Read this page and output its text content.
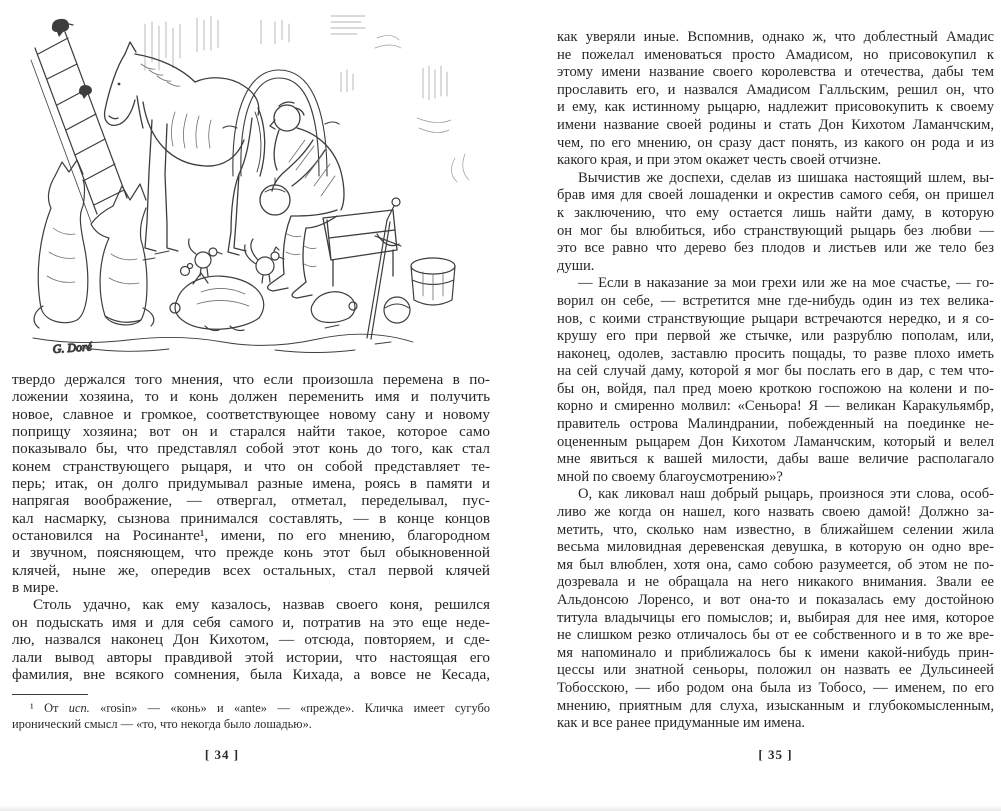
G. Doré
твердо держался того мнения, что если произошла перемена в по-
ложении хозяина, то и конь должен переменить имя и получить
новое, славное и громкое, соответствующее новому сану и новому
поприщу хозяина; вот он и старался найти такое, которое само
показывало бы, что представлял собой этот конь до того, как стал
конем странствующего рыцаря, и что он собой представляет те-
перь; итак, он долго придумывал разные имена, роясь в памяти и
напрягая воображение, — отвергал, отметал, переделывал, пус-
кал насмарку, сызнова принимался составлять, — в конце концов
остановился на Росинанте¹, имени, по его мнению, благородном
и звучном, поясняющем, что прежде конь этот был обыкновенной
клячей, ныне же, опередив всех остальных, стал первой клячей
в мире.
Столь удачно, как ему казалось, назвав своего коня, решился
он подыскать имя и для себя самого и, потратив на это еще неде-
лю, назвался наконец Дон Кихотом, — отсюда, повторяем, и сде-
лали вывод авторы правдивой этой истории, что настоящая его
фамилия, вне всякого сомнения, была Кихада, а вовсе не Кесада,
¹ От исп. «rosin» — «конь» и «ante» — «прежде». Кличка имеет сугубо
иронический смысл — «то, что некогда было лошадью».
[ 34 ]
как уверяли иные. Вспомнив, однако ж, что доблестный Амадис
не пожелал именоваться просто Амадисом, но присовокупил к
этому имени название своего королевства и отечества, дабы тем
прославить его, и назвался Амадисом Галльским, решил он, что
и ему, как истинному рыцарю, надлежит присовокупить к своему
имени название своей родины и стать Дон Кихотом Ламанчским,
чем, по его мнению, он сразу даст понять, из какого он рода и из
какого края, и при этом окажет честь своей отчизне.
Вычистив же доспехи, сделав из шишака настоящий шлем, вы-
брав имя для своей лошаденки и окрестив самого себя, он пришел
к заключению, что ему остается лишь найти даму, в которую
он мог бы влюбиться, ибо странствующий рыцарь без любви —
это все равно что дерево без плодов и листьев или же тело без
души.
— Если в наказание за мои грехи или же на мое счастье, — го-
ворил он себе, — встретится мне где-нибудь один из тех велика-
нов, с коими странствующие рыцари встречаются нередко, и я со-
крушу его при первой же стычке, или разрублю пополам, или,
наконец, одолев, заставлю просить пощады, то разве плохо иметь
на сей случай даму, которой я мог бы послать его в дар, с тем что-
бы он, войдя, пал пред моею кроткою госпожою на колени и по-
корно и смиренно молвил: «Сеньора! Я — великан Каракульямбр,
правитель острова Малиндрании, побежденный на поединке не-
оцененным рыцарем Дон Кихотом Ламанчским, который и велел
мне явиться к вашей милости, дабы ваше величие располагало
мной по своему благоусмотрению»?
О, как ликовал наш добрый рыцарь, произнося эти слова, особ-
ливо же когда он нашел, кого назвать своею дамой! Должно за-
метить, что, сколько нам известно, в ближайшем селении жила
весьма миловидная деревенская девушка, в которую он одно вре-
мя был влюблен, хотя она, само собою разумеется, об этом не по-
дозревала и не обращала на него никакого внимания. Звали ее
Альдонсою Лоренсо, и вот она-то и показалась ему достойною
титула владычицы его помыслов; и, выбирая для нее имя, которое
не слишком резко отличалось бы от ее собственного и в то же вре-
мя напоминало и приближалось бы к имени какой-нибудь прин-
цессы или знатной сеньоры, положил он назвать ее Дульсинеей
Тобосскою, — ибо родом она была из Тобосо, — именем, по его
мнению, приятным для слуха, изысканным и глубокомысленным,
как и все ранее придуманные им имена.
[ 35 ]
